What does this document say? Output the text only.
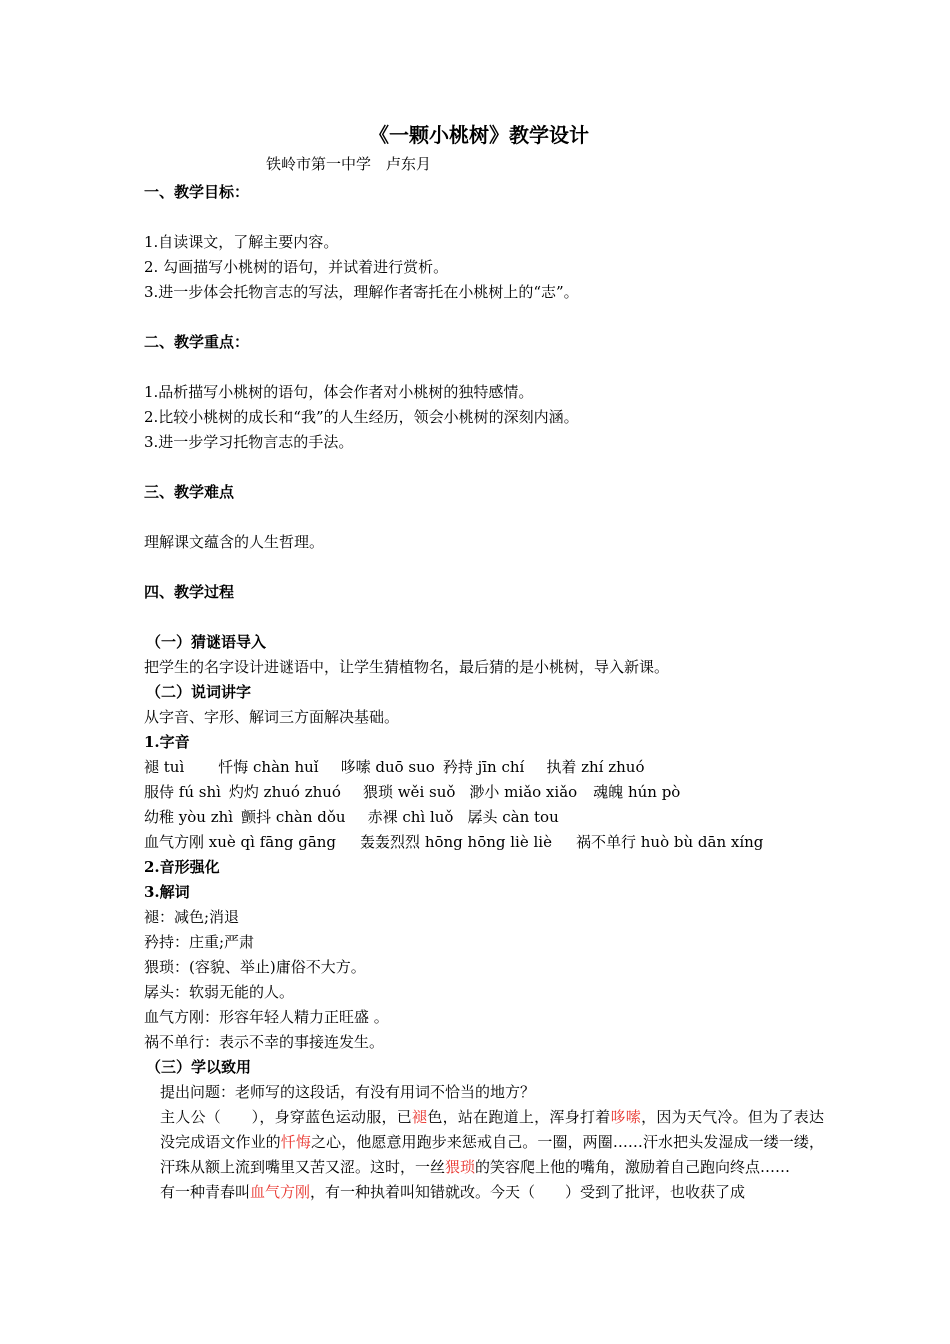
《一颗小桃树》教学设计
铁岭市第一中学　卢东月
一、教学目标：
1.自读课文，了解主要内容。
2. 勾画描写小桃树的语句，并试着进行赏析。
3.进一步体会托物言志的写法，理解作者寄托在小桃树上的“志”。
二、教学重点：
1.品析描写小桃树的语句，体会作者对小桃树的独特感情。
2.比较小桃树的成长和“我”的人生经历，领会小桃树的深刻内涵。
3.进一步学习托物言志的手法。
三、教学难点
理解课文蕴含的人生哲理。
四、教学过程
（一）猜谜语导入
把学生的名字设计进谜语中，让学生猜植物名，最后猜的是小桃树，导入新课。
（二）说词讲字
从字音、字形、解词三方面解决基础。
1.字音
褪 tuì 忏悔 chàn huǐ 哆嗦 duō suo 矜持 jīn chí 执着 zhí zhuó
服侍 fú shì 灼灼 zhuó zhuó 猥琐 wěi suǒ 渺小 miǎo xiǎo 魂魄 hún pò
幼稚 yòu zhì 颤抖 chàn dǒu 赤裸 chì luǒ 孱头 càn tou
血气方刚 xuè qì fāng gāng 轰轰烈烈 hōng hōng liè liè 祸不单行 huò bù dān xíng
2.音形强化
3.解词
褪：减色;消退
矜持：庄重;严肃
猥琐：(容貌、举止)庸俗不大方。
孱头：软弱无能的人。
血气方刚：形容年轻人精力正旺盛 。
祸不单行：表示不幸的事接连发生。
（三）学以致用
提出问题：老师写的这段话，有没有用词不恰当的地方？
主人公（　　），身穿蓝色运动服，已褪色，站在跑道上，浑身打着哆嗦，因为天气冷。但为了表达没完成语文作业的忏悔之心，他愿意用跑步来惩戒自己。一圈，两圈……汗水把头发湿成一缕一缕，汗珠从额上流到嘴里又苦又涩。这时，一丝猥琐的笑容爬上他的嘴角，激励着自己跑向终点……
有一种青春叫血气方刚，有一种执着叫知错就改。今天（　　）受到了批评，也收获了成
